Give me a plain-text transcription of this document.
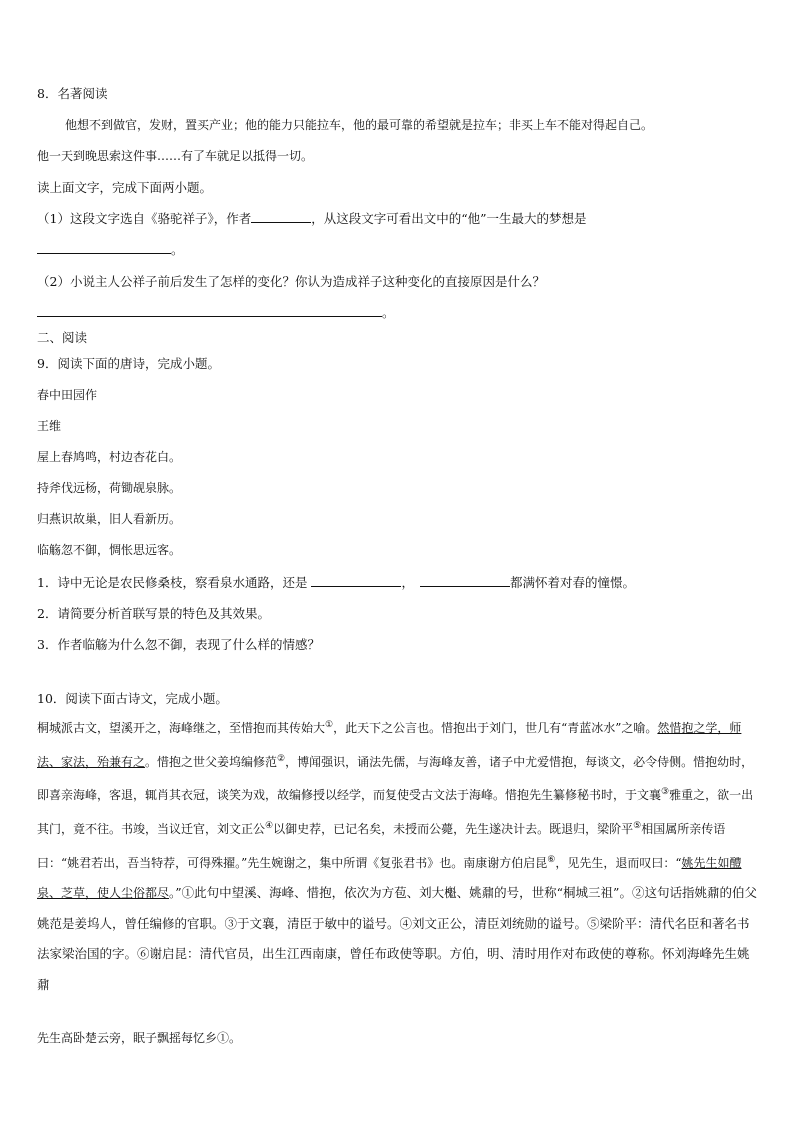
8．名著阅读
他想不到做官，发财，置买产业；他的能力只能拉车，他的最可靠的希望就是拉车；非买上车不能对得起自己。
他一天到晚思索这件事……有了车就足以抵得一切。
读上面文字，完成下面两小题。
（1）这段文字选自《骆驼祥子》，作者	，从这段文字可看出文中的“他”一生最大的梦想是
。
（2）小说主人公祥子前后发生了怎样的变化？你认为造成祥子这种变化的直接原因是什么？
。
二、阅读
9．阅读下面的唐诗，完成小题。
春中田园作
王维
屋上春鸠鸣，村边杏花白。
持斧伐远杨，荷锄觇泉脉。
归燕识故巢，旧人看新历。
临觞忽不御，惆怅思远客。
1．诗中无论是农民修桑枝，察看泉水通路，还是	，	都满怀着对春的憧憬。
2．请简要分析首联写景的特色及其效果。
3．作者临觞为什么忽不御，表现了什么样的情感？
10．阅读下面古诗文，完成小题。
桐城派古文，望溪开之，海峰继之，至惜抱而其传始大①，此天下之公言也。惜抱出于刘门，世几有“青蓝冰水”之喻。然惜抱之学，师法、家法，殆兼有之。惜抱之世父姜坞编修范②，博闻强识，诵法先儒，与海峰友善，诸子中尤爱惜抱，每谈文，必令侍侧。惜抱幼时，即喜亲海峰，客退，辄肖其衣冠，谈笑为戏，故编修授以经学，而复使受古文法于海峰。惜抱先生纂修秘书时，于文襄③雅重之，欲一出其门，竟不往。书竣，当议迁官，刘文正公④以御史荐，已记名矣，未授而公薨，先生遂决计去。既退归，梁阶平⑤相国属所亲传语曰：“姚君若出，吾当特荐，可得殊擢。”先生婉谢之，集中所谓《复张君书》也。南康谢方伯启昆⑥，见先生，退而叹曰：“姚先生如醴泉、芝草，使人尘俗都尽。”①此句中望溪、海峰、惜抱，依次为方苞、刘大櫆、姚鼐的号，世称“桐城三祖”。②这句话指姚鼐的伯父姚范是姜坞人，曾任编修的官职。③于文襄，清臣于敏中的谥号。④刘文正公，清臣刘统勋的谥号。⑤梁阶平：清代名臣和著名书法家梁治国的字。⑥谢启昆：清代官员，出生江西南康，曾任布政使等职。方伯，明、清时用作对布政使的尊称。怀刘海峰先生姚鼐
先生高卧楚云旁，眠子飘摇每忆乡①。
